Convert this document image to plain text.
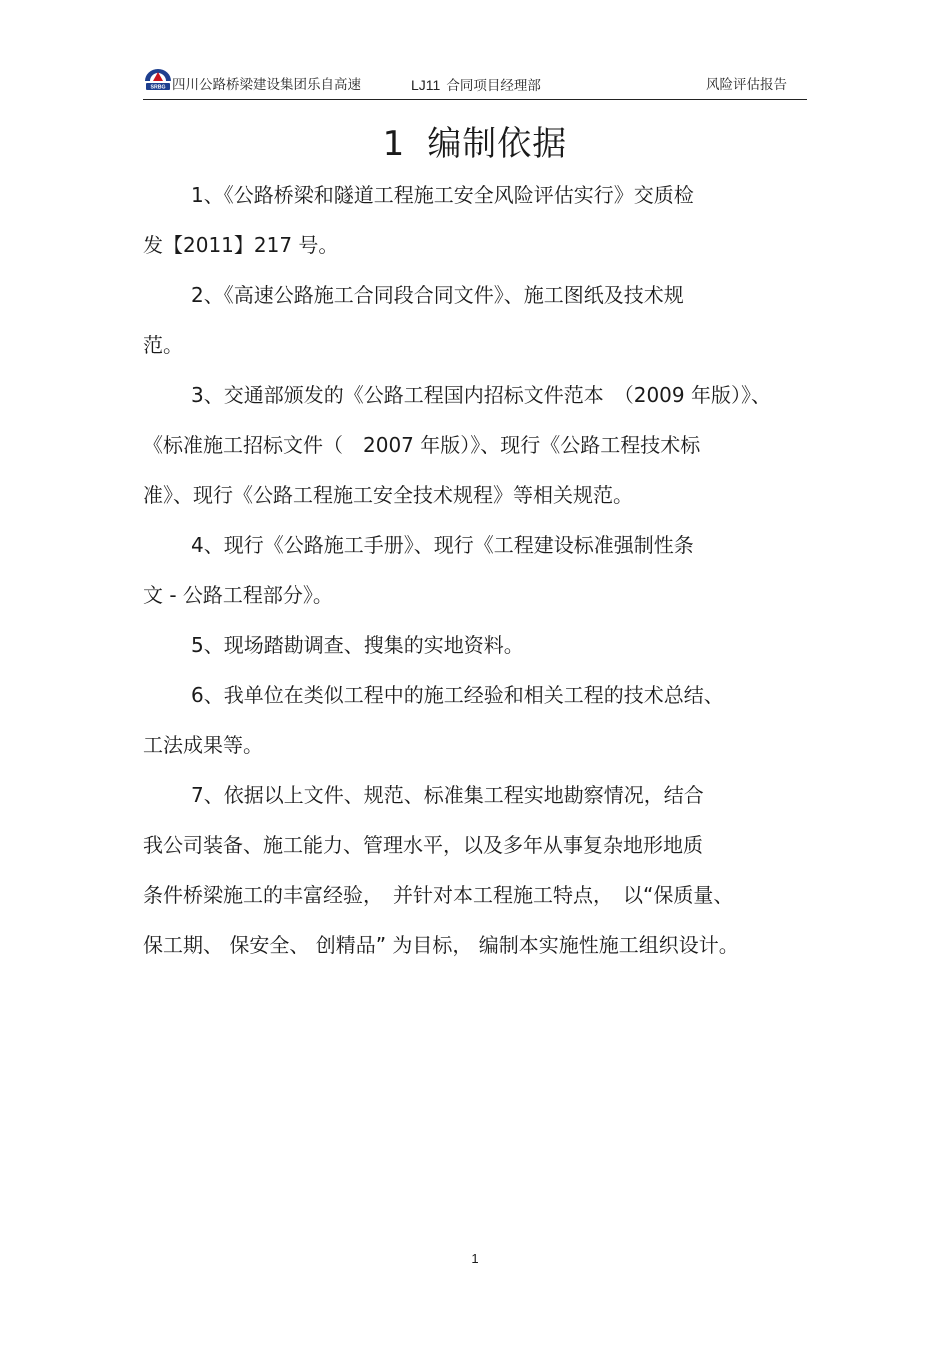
SRBG 四川公路桥梁建设集团乐自高速	LJ11 合同项目经理部	风险评估报告
1 编制依据
1、《公路桥梁和隧道工程施工安全风险评估实行》交质检
发【2011】217 号。
2、《高速公路施工合同段合同文件》、施工图纸及技术规
范。
3、交通部颁发的《公路工程国内招标文件范本　（2009 年版）》、
《标准施工招标文件（　2007 年版）》、现行《公路工程技术标
准》、现行《公路工程施工安全技术规程》等相关规范。
4、现行《公路施工手册》、现行《工程建设标准强制性条
文 - 公路工程部分》。
5、现场踏勘调查、搜集的实地资料。
6、我单位在类似工程中的施工经验和相关工程的技术总结、
工法成果等。
7、依据以上文件、规范、标准集工程实地勘察情况，结合
我公司装备、施工能力、管理水平，以及多年从事复杂地形地质
条件桥梁施工的丰富经验，　并针对本工程施工特点，　以“保质量、
保工期、 保安全、 创精品” 为目标， 编制本实施性施工组织设计。
1
